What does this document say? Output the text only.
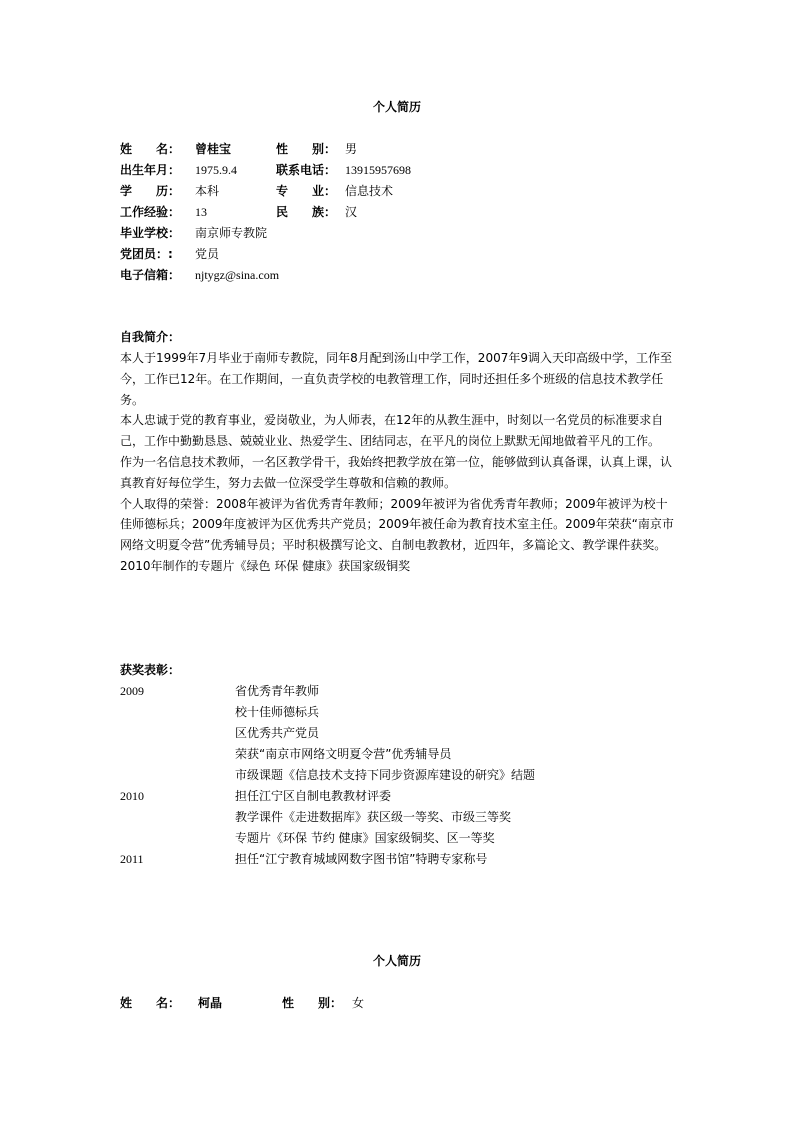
个人简历
姓　　名： 曾桂宝	性　　别： 男
出生年月： 1975.9.4	联系电话： 13915957698
学　　历： 本科	专　　业： 信息技术
工作经验： 13	民　　族： 汉
毕业学校： 南京师专教院
党团员：: 党员
电子信箱： njtygz@sina.com
自我简介：

本人于1999年7月毕业于南师专教院，同年8月配到汤山中学工作，2007年9调入天印高级中学，工作至今，工作已12年。在工作期间，一直负责学校的电教管理工作，同时还担任多个班级的信息技术教学任务。

本人忠诚于党的教育事业，爱岗敬业，为人师表，在12年的从教生涯中，时刻以一名党员的标准要求自己，工作中勤勤恳恳、兢兢业业、热爱学生、团结同志，在平凡的岗位上默默无闻地做着平凡的工作。

作为一名信息技术教师，一名区教学骨干，我始终把教学放在第一位，能够做到认真备课，认真上课，认真教育好每位学生，努力去做一位深受学生尊敬和信赖的教师。

个人取得的荣誉：2008年被评为省优秀青年教师；2009年被评为省优秀青年教师；2009年被评为校十佳师德标兵；2009年度被评为区优秀共产党员；2009年被任命为教育技术室主任。2009年荣获“南京市网络文明夏令营”优秀辅导员；平时积极撰写论文、自制电教教材，近四年，多篇论文、教学课件获奖。2010年制作的专题片《绿色 环保 健康》获国家级铜奖

获奖表彰：
2009	省优秀青年教师
校十佳师德标兵
区优秀共产党员
荣获“南京市网络文明夏令营”优秀辅导员
市级课题《信息技术支持下同步资源库建设的研究》结题
2010	担任江宁区自制电教教材评委
教学课件《走进数据库》获区级一等奖、市级三等奖
专题片《环保 节约 健康》国家级铜奖、区一等奖
2011	担任“江宁教育城域网数字图书馆”特聘专家称号
个人简历
姓　　名： 柯晶	性　　别： 女
